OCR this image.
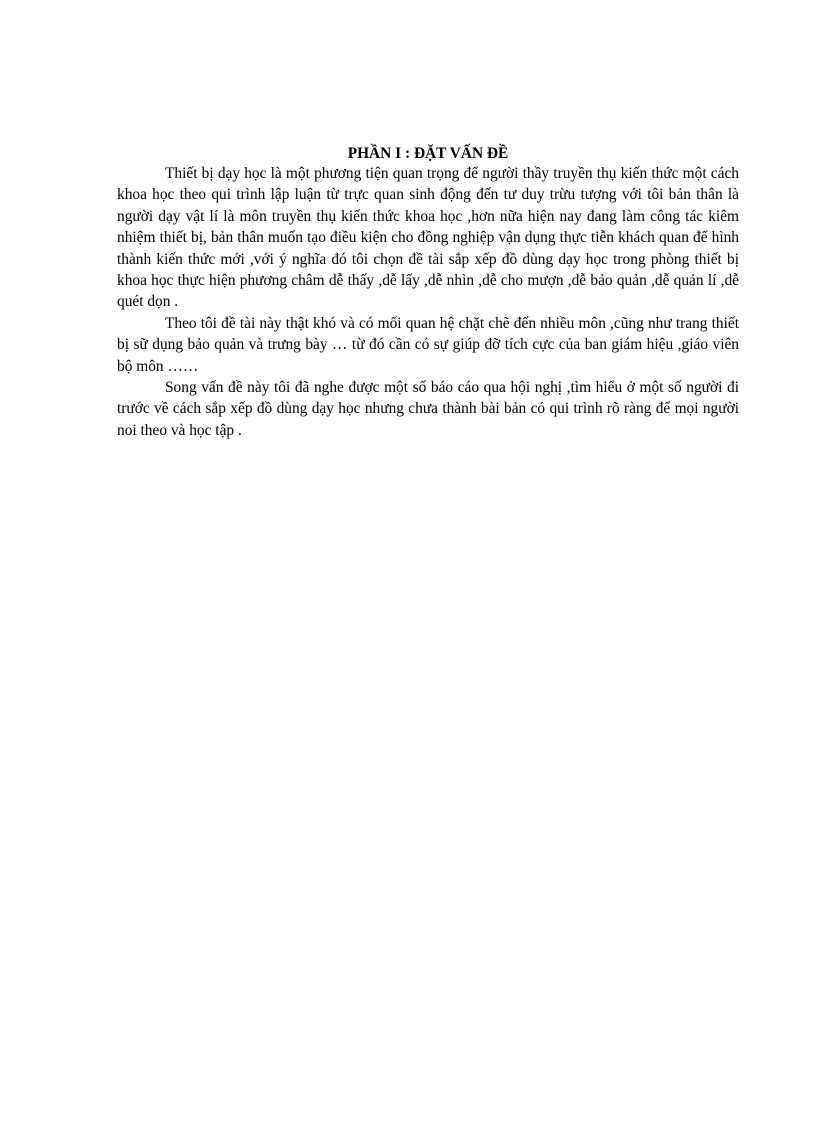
PHẦN I : ĐẶT VẤN ĐỀ

Thiết bị dạy học là một phương tiện quan trọng để người thầy truyền thụ kiến thức một cách khoa học theo qui trình lập luận từ trực quan sinh động đến tư duy trừu tượng với tôi bản thân là người dạy vật lí là môn truyền thụ kiến thức khoa học ,hơn nữa hiện nay đang làm công tác kiêm nhiệm thiết bị, bản thân muốn tạo điều kiện cho đồng nghiệp vận dụng thực tiễn khách quan để hình thành kiến thức mới ,với ý nghĩa đó tôi chọn đề tài sắp xếp đồ dùng dạy học trong phòng thiết bị khoa học thực hiện phương châm dễ thấy ,dễ lấy ,dễ nhìn ,dễ cho mượn ,dễ bảo quản ,dễ quản lí ,dễ quét dọn .

Theo tôi đề tài này thật khó và có mối quan hệ chặt chẽ đến nhiều môn ,cũng như trang thiết bị sữ dụng bảo quản và trưng bày … từ đó cần có sự giúp đỡ tích cực của ban giám hiệu ,giáo viên bộ môn ……

Song vấn đề này tôi đã nghe được một số báo cáo qua hội nghị ,tìm hiểu ở một số người đi trước về cách sắp xếp đồ dùng dạy học nhưng chưa thành bài bản có qui trình rõ ràng để mọi người noi theo và học tập .
